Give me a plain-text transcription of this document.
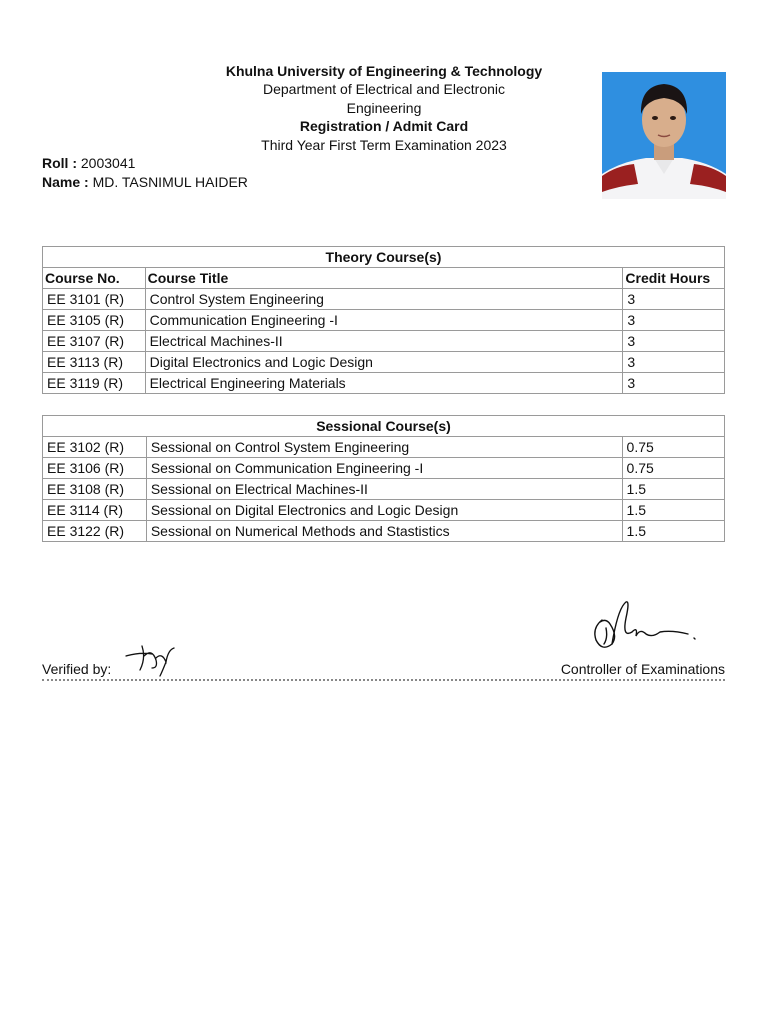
Khulna University of Engineering & Technology
Department of Electrical and Electronic Engineering
Registration / Admit Card
Third Year First Term Examination 2023
Roll : 2003041
Name : MD. TASNIMUL HAIDER
Theory Course(s)		
Course No.	Course Title	Credit Hours
EE 3101 (R)	Control System Engineering	3
EE 3105 (R)	Communication Engineering -I	3
EE 3107 (R)	Electrical Machines-II	3
EE 3113 (R)	Digital Electronics and Logic Design	3
EE 3119 (R)	Electrical Engineering Materials	3
Sessional Course(s)		
EE 3102 (R)	Sessional on Control System Engineering	0.75
EE 3106 (R)	Sessional on Communication Engineering -I	0.75
EE 3108 (R)	Sessional on Electrical Machines-II	1.5
EE 3114 (R)	Sessional on Digital Electronics and Logic Design	1.5
EE 3122 (R)	Sessional on Numerical Methods and Stastistics	1.5
Verified by:	Controller of Examinations
